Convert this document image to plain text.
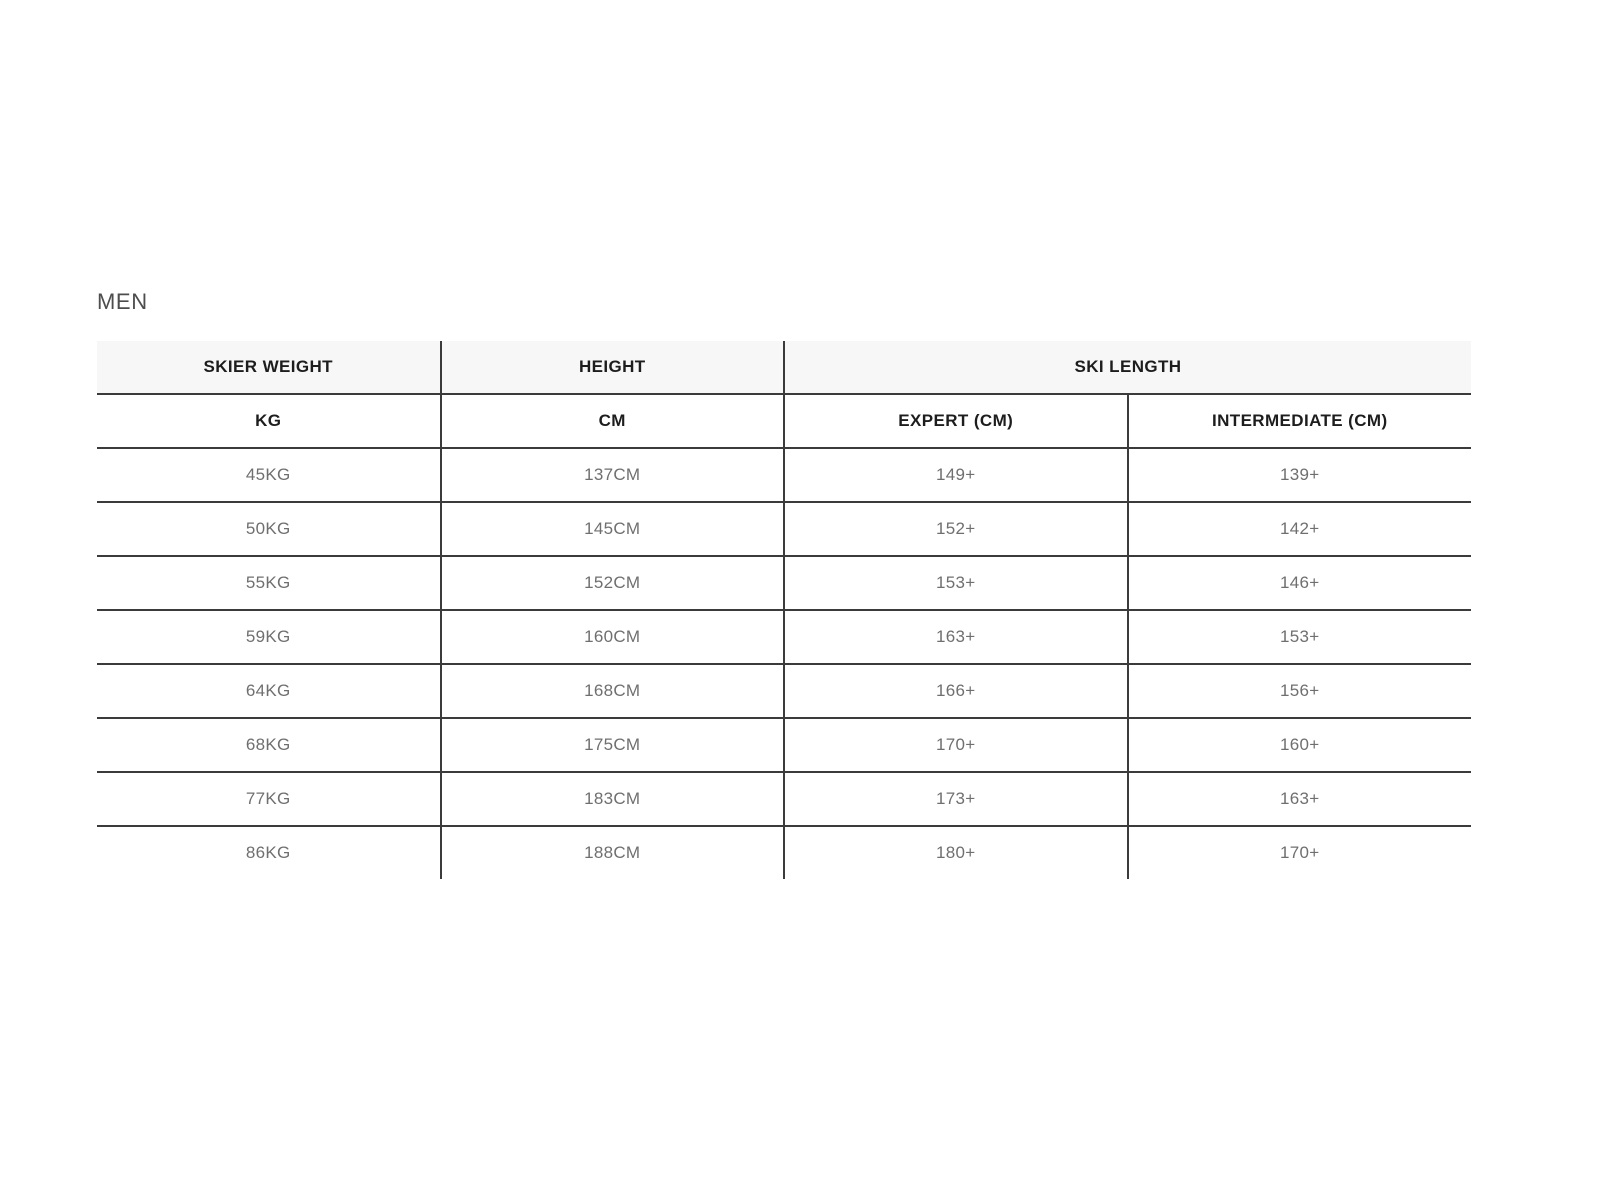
MEN
SKIER WEIGHT	HEIGHT	SKI LENGTH	
KG	CM	EXPERT (CM)	INTERMEDIATE (CM)
45KG	137CM	149+	139+
50KG	145CM	152+	142+
55KG	152CM	153+	146+
59KG	160CM	163+	153+
64KG	168CM	166+	156+
68KG	175CM	170+	160+
77KG	183CM	173+	163+
86KG	188CM	180+	170+
